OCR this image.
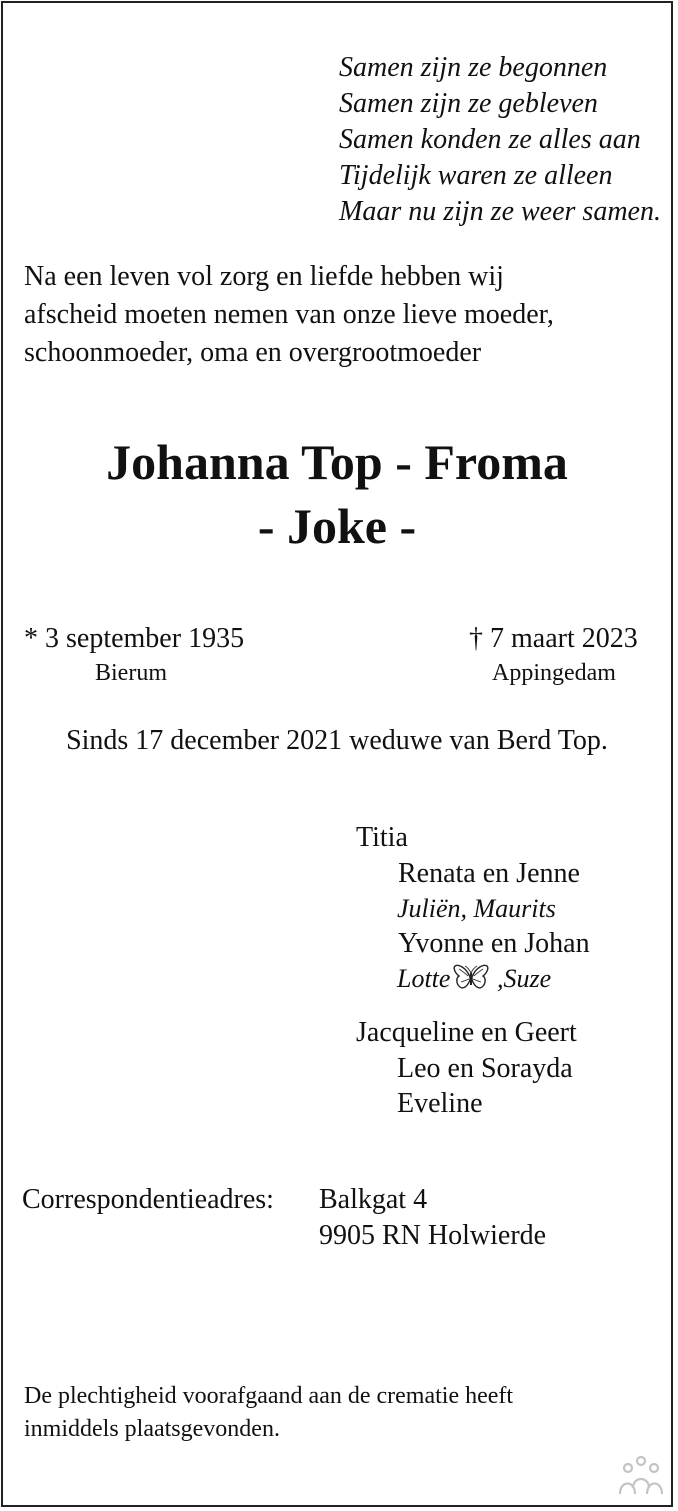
Samen zijn ze begonnen
Samen zijn ze gebleven
Samen konden ze alles aan
Tijdelijk waren ze alleen
Maar nu zijn ze weer samen.
Na een leven vol zorg en liefde hebben wij
afscheid moeten nemen van onze lieve moeder,
schoonmoeder, oma en overgrootmoeder
Johanna Top - Froma
- Joke -
* 3 september 1935
Bierum
† 7 maart 2023
Appingedam
Sinds 17 december 2021 weduwe van Berd Top.
Titia
Renata en Jenne
Juliën, Maurits
Yvonne en Johan
Lotte ,Suze
Jacqueline en Geert
Leo en Sorayda
Eveline
Correspondentieadres: Balkgat 4
9905 RN Holwierde
De plechtigheid voorafgaand aan de crematie heeft
inmiddels plaatsgevonden.
